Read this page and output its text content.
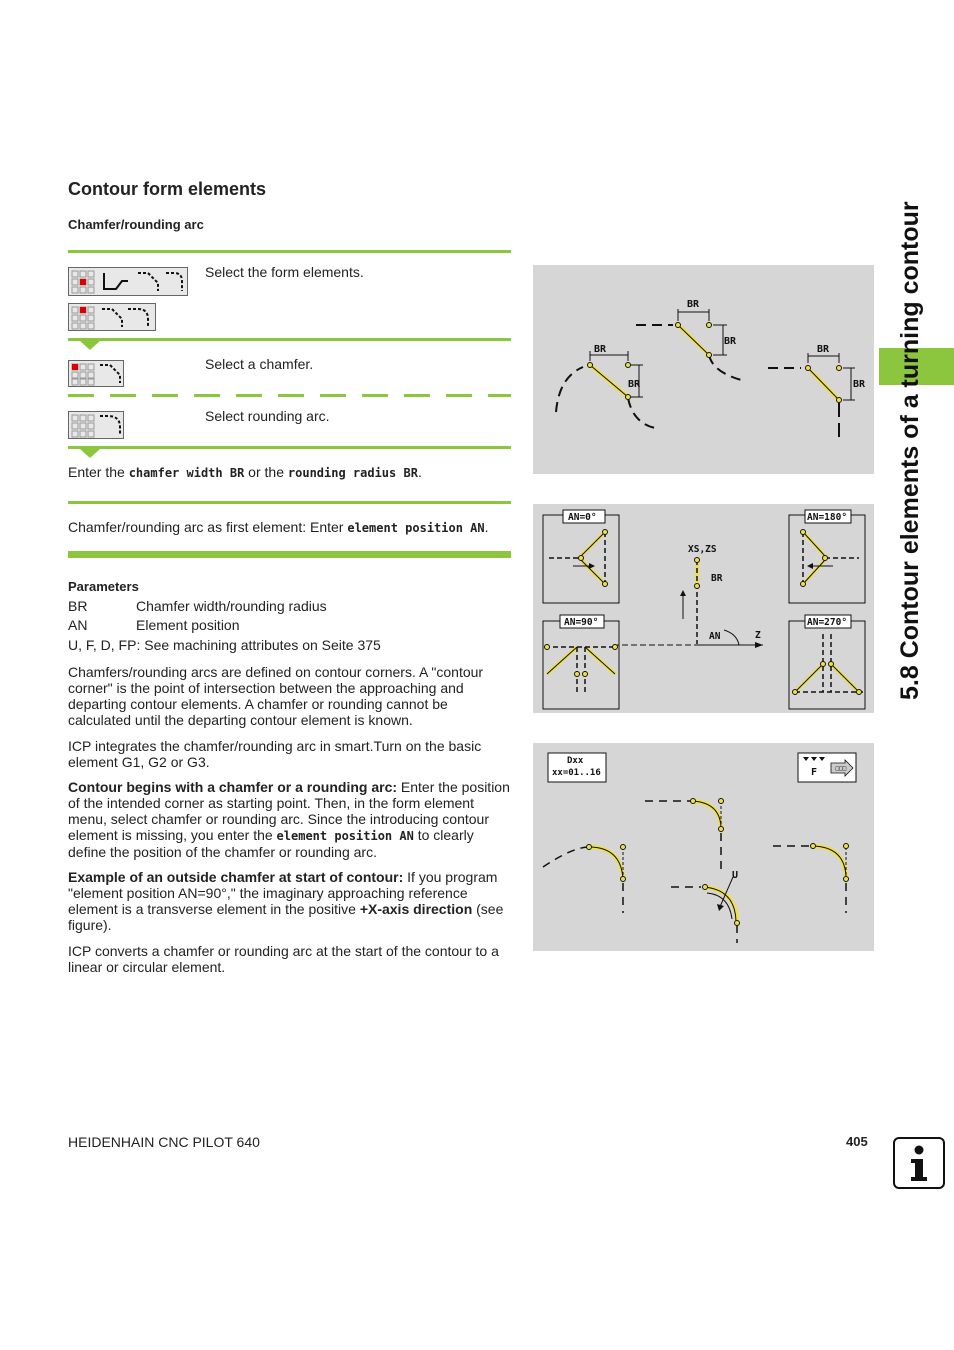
Contour form elements
Chamfer/rounding arc
Select the form elements.
Select a chamfer.
Select rounding arc.
Enter the chamfer width BR or the rounding radius BR.
Chamfer/rounding arc as first element: Enter element position AN.
Parameters
BR	Chamfer width/rounding radius
AN	Element position
U, F, D, FP: See machining attributes on Seite 375
Chamfers/rounding arcs are defined on contour corners. A "contour corner" is the point of intersection between the approaching and departing contour elements. A chamfer or rounding cannot be calculated until the departing contour element is known.
ICP integrates the chamfer/rounding arc in smart.Turn on the basic element G1, G2 or G3.
Contour begins with a chamfer or a rounding arc: Enter the position of the intended corner as starting point. Then, in the form element menu, select chamfer or rounding arc. Since the introducing contour element is missing, you enter the element position AN to clearly define the position of the chamfer or rounding arc.
Example of an outside chamfer at start of contour: If you program "element position AN=90°," the imaginary approaching reference element is a transverse element in the positive +X-axis direction (see figure).
ICP converts a chamfer or rounding arc at the start of the contour to a linear or circular element.
BR
BR
BR
BR
BR
BR
AN=0°	AN=180°
AN=90°	AN=270°
XS,ZS
BR
AN	Z
Dxx
xx=01..16	F	□□□
U
5.8 Contour elements of a turning contour
HEIDENHAIN CNC PILOT 640	405
